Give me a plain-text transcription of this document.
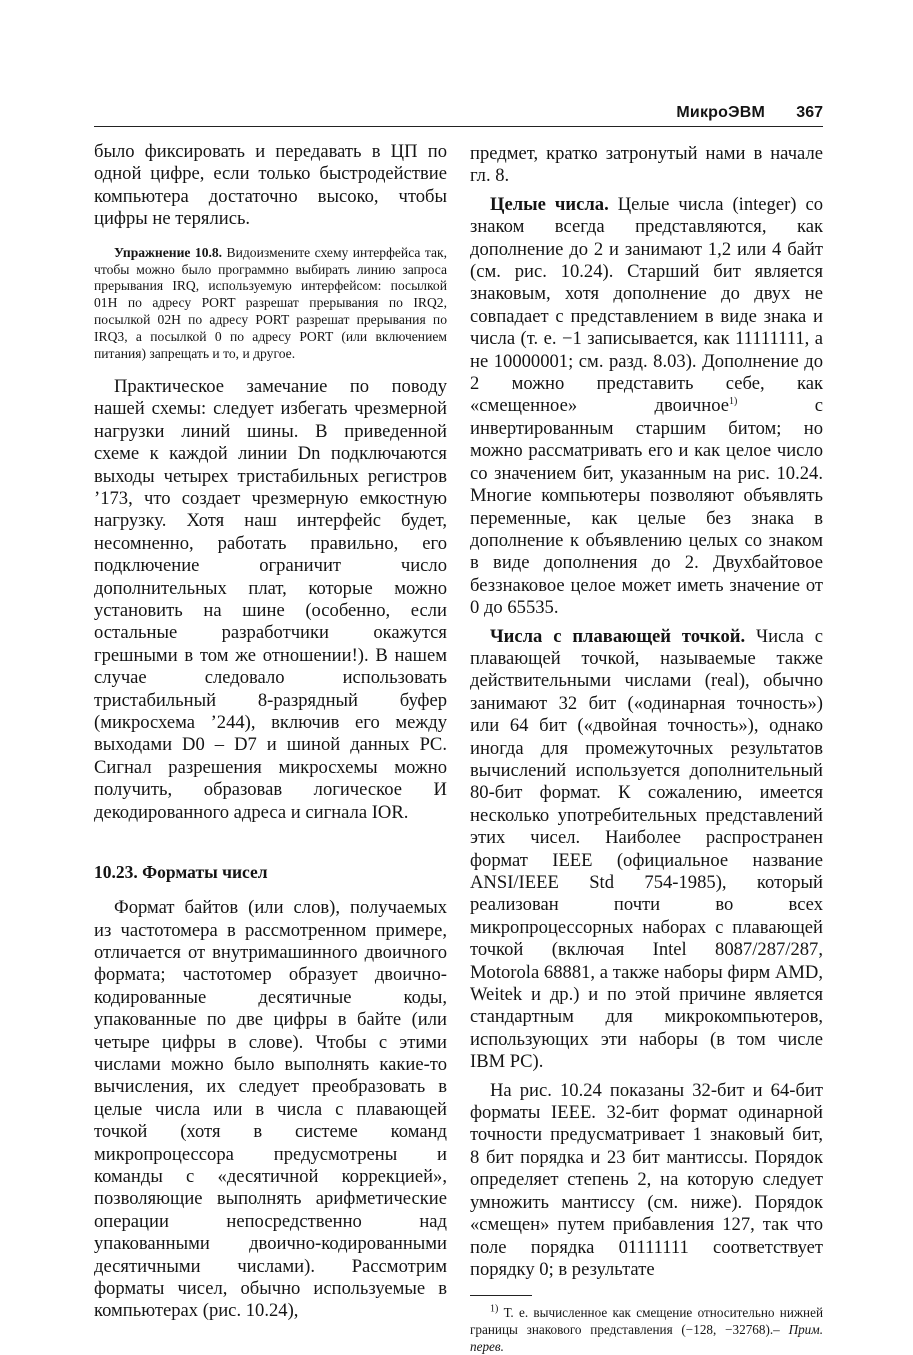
МикроЭВМ 367

было фиксировать и передавать в ЦП по одной цифре, если только быстродействие компьютера достаточно высоко, чтобы цифры не терялись.

Упражнение 10.8. Видоизмените схему интерфейса так, чтобы можно было программно выбирать линию запроса прерывания IRQ, используемую интерфейсом: посылкой 01H по адресу PORT разрешат прерывания по IRQ2, посылкой 02H по адресу PORT разрешат прерывания по IRQ3, а посылкой 0 по адресу PORT (или включением питания) запрещать и то, и другое.

Практическое замечание по поводу нашей схемы: следует избегать чрезмерной нагрузки линий шины. В приведенной схеме к каждой линии Dn подключаются выходы четырех тристабильных регистров ’173, что создает чрезмерную емкостную нагрузку. Хотя наш интерфейс будет, несомненно, работать правильно, его подключение ограничит число дополнительных плат, которые можно установить на шине (особенно, если остальные разработчики окажутся грешными в том же отношении!). В нашем случае следовало использовать тристабильный 8-разрядный буфер (микросхема ’244), включив его между выходами D0 – D7 и шиной данных PC. Сигнал разрешения микросхемы можно получить, образовав логическое И декодированного адреса и сигнала IOR.

10.23. Форматы чисел

Формат байтов (или слов), получаемых из частотомера в рассмотренном примере, отличается от внутримашинного двоичного формата; частотомер образует двоично-кодированные десятичные коды, упакованные по две цифры в байте (или четыре цифры в слове). Чтобы с этими числами можно было выполнять какие-то вычисления, их следует преобразовать в целые числа или в числа с плавающей точкой (хотя в системе команд микропроцессора предусмотрены и команды с «десятичной коррекцией», позволяющие выполнять арифметические операции непосредственно над упакованными двоично-кодированными десятичными числами). Рассмотрим форматы чисел, обычно используемые в компьютерах (рис. 10.24),

предмет, кратко затронутый нами в начале гл. 8.

Целые числа. Целые числа (integer) со знаком всегда представляются, как дополнение до 2 и занимают 1,2 или 4 байт (см. рис. 10.24). Старший бит является знаковым, хотя дополнение до двух не совпадает с представлением в виде знака и числа (т. е. −1 записывается, как 11111111, а не 10000001; см. разд. 8.03). Дополнение до 2 можно представить себе, как «смещенное» двоичное$^{1)}$ с инвертированным старшим битом; но можно рассматривать его и как целое число со значением бит, указанным на рис. 10.24. Многие компьютеры позволяют объявлять переменные, как целые без знака в дополнение к объявлению целых со знаком в виде дополнения до 2. Двухбайтовое беззнаковое целое может иметь значение от 0 до 65535.

Числа с плавающей точкой. Числа с плавающей точкой, называемые также действительными числами (real), обычно занимают 32 бит («одинарная точность») или 64 бит («двойная точность»), однако иногда для промежуточных результатов вычислений используется дополнительный 80-бит формат. К сожалению, имеется несколько употребительных представлений этих чисел. Наиболее распространен формат IEEE (официальное название ANSI/IEEE Std 754-1985), который реализован почти во всех микропроцессорных наборах с плавающей точкой (включая Intel 8087/287/287, Motorola 68881, а также наборы фирм AMD, Weitek и др.) и по этой причине является стандартным для микрокомпьютеров, использующих эти наборы (в том числе IBM PC).

На рис. 10.24 показаны 32-бит и 64-бит форматы IEEE. 32-бит формат одинарной точности предусматривает 1 знаковый бит, 8 бит порядка и 23 бит мантиссы. Порядок определяет степень 2, на которую следует умножить мантиссу (см. ниже). Порядок «смещен» путем прибавления 127, так что поле порядка 01111111 соответствует порядку 0; в результате

$^{1)}$ Т. е. вычисленное как смещение относительно нижней границы знакового представления (−128, −32768).– Прим. перев.
